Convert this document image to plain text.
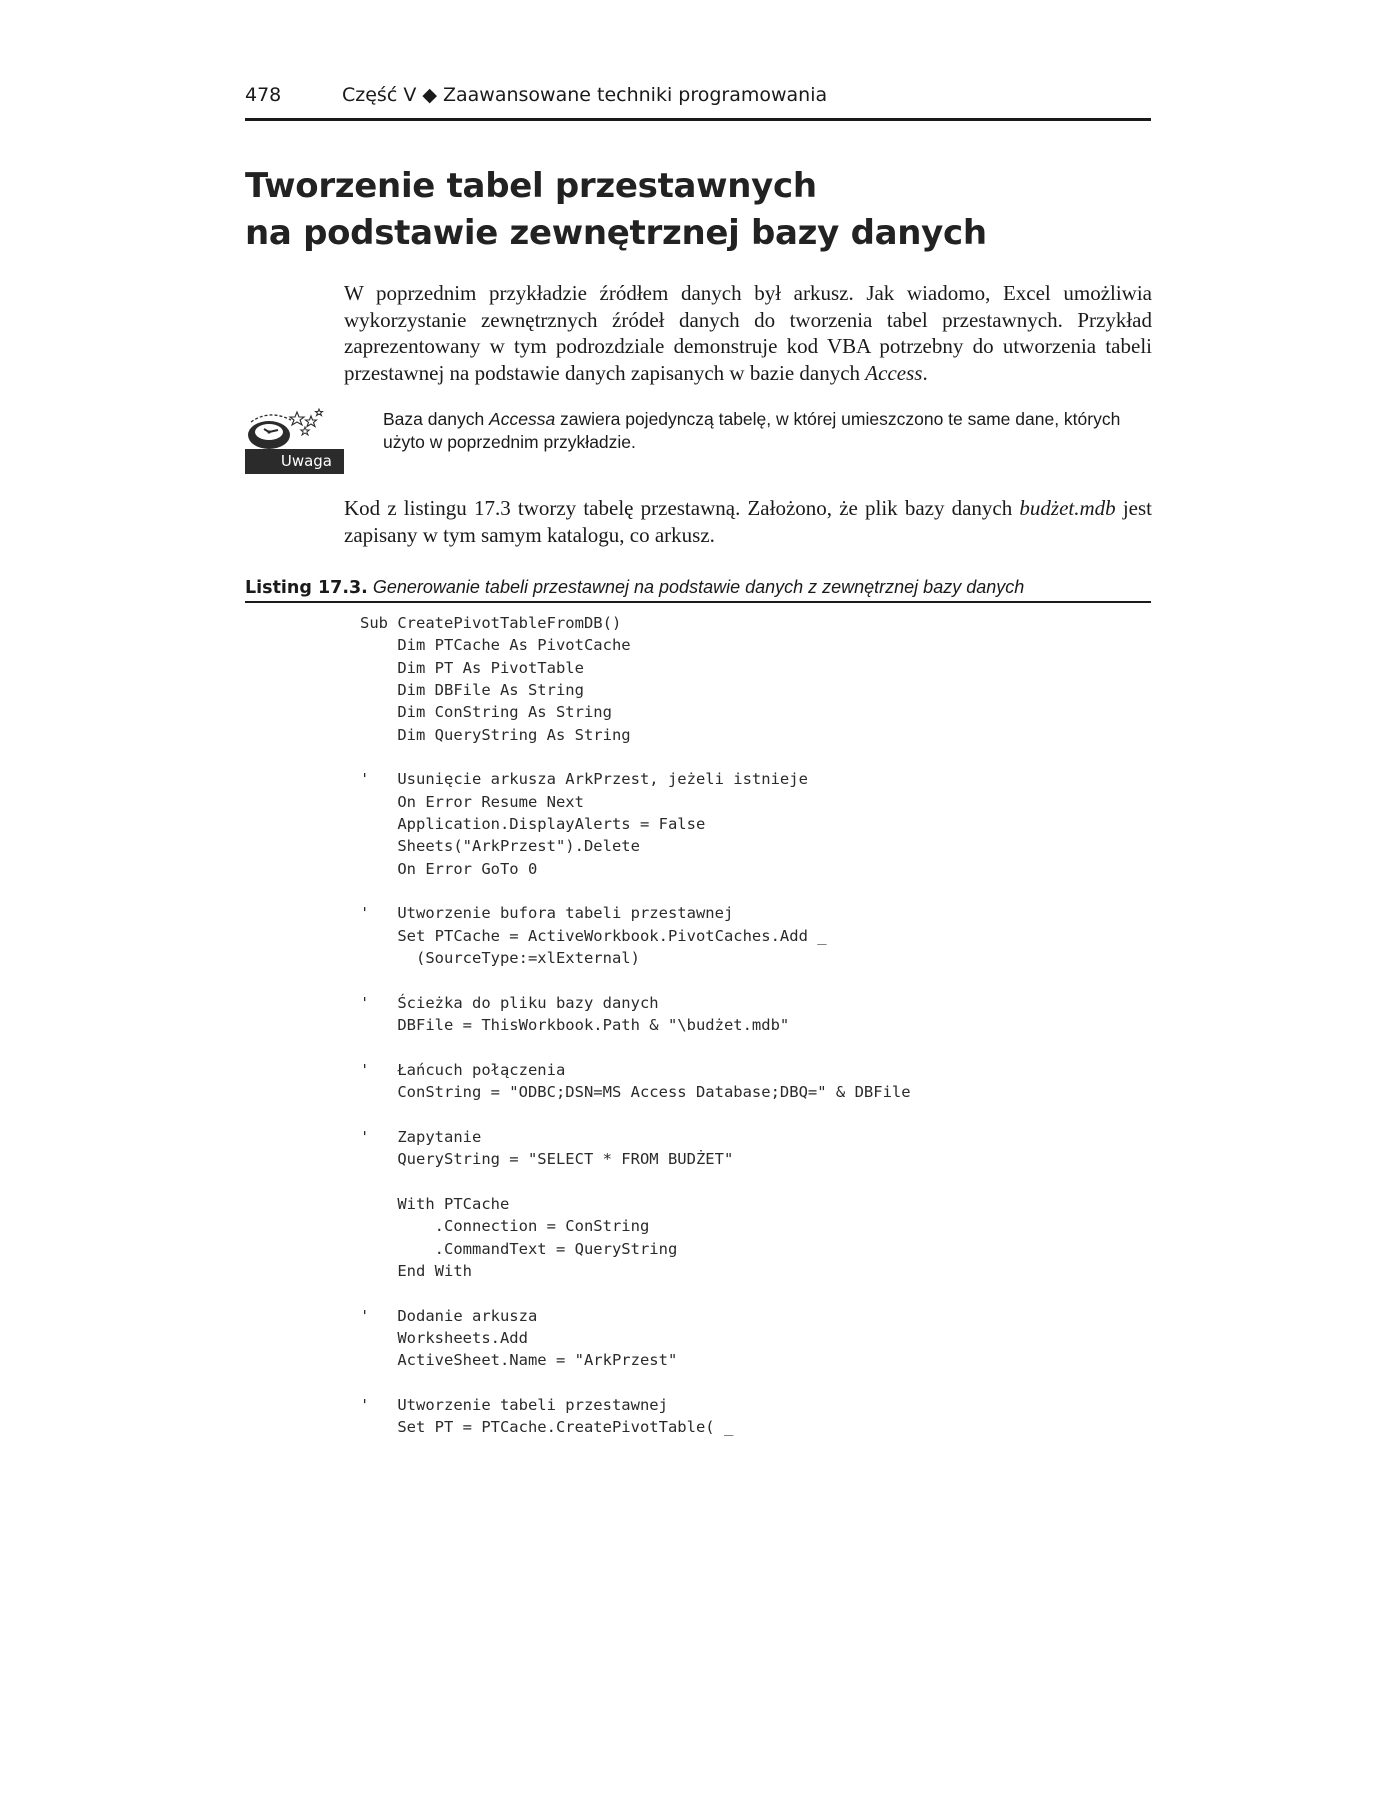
478	Część V ◆ Zaawansowane techniki programowania
Tworzenie tabel przestawnych
na podstawie zewnętrznej bazy danych

W poprzednim przykładzie źródłem danych był arkusz. Jak wiadomo, Excel umożliwia wykorzystanie zewnętrznych źródeł danych do tworzenia tabel przestawnych. Przykład zaprezentowany w tym podrozdziale demonstruje kod VBA potrzebny do utworzenia tabeli przestawnej na podstawie danych zapisanych w bazie danych Access.

Uwaga

Baza danych Accessa zawiera pojedynczą tabelę, w której umieszczono te same dane, których użyto w poprzednim przykładzie.

Kod z listingu 17.3 tworzy tabelę przestawną. Założono, że plik bazy danych budżet.mdb jest zapisany w tym samym katalogu, co arkusz.

Listing 17.3. Generowanie tabeli przestawnej na podstawie danych z zewnętrznej bazy danych
Sub CreatePivotTableFromDB()
Dim PTCache As PivotCache
Dim PT As PivotTable
Dim DBFile As String
Dim ConString As String
Dim QueryString As String

'   Usunięcie arkusza ArkPrzest, jeżeli istnieje
On Error Resume Next
Application.DisplayAlerts = False
Sheets("ArkPrzest").Delete
On Error GoTo 0

'   Utworzenie bufora tabeli przestawnej
Set PTCache = ActiveWorkbook.PivotCaches.Add _
(SourceType:=xlExternal)

'   Ścieżka do pliku bazy danych
DBFile = ThisWorkbook.Path & "\budżet.mdb"

'   Łańcuch połączenia
ConString = "ODBC;DSN=MS Access Database;DBQ=" & DBFile

'   Zapytanie
QueryString = "SELECT * FROM BUDŻET"

With PTCache
.Connection = ConString
.CommandText = QueryString
End With

'   Dodanie arkusza
Worksheets.Add
ActiveSheet.Name = "ArkPrzest"

'   Utworzenie tabeli przestawnej
Set PT = PTCache.CreatePivotTable( _
